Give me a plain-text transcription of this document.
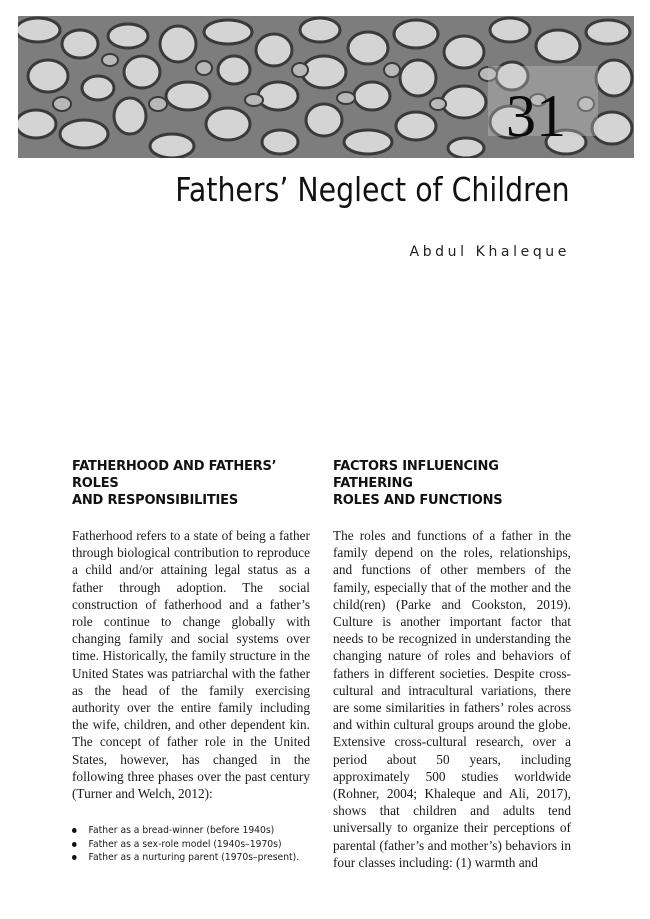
31
Fathers’ Neglect of Children
Abdul Khaleque
FATHERHOOD AND FATHERS’ ROLES
AND RESPONSIBILITIES

Fatherhood refers to a state of being a father through biological contribution to reproduce a child and/or attaining legal status as a father through adoption. The social construction of fatherhood and a father’s role continue to change globally with changing family and social systems over time. Historically, the family structure in the United States was patriarchal with the father as the head of the family exercising authority over the entire family including the wife, children, and other dependent kin. The concept of father role in the United States, however, has changed in the following three phases over the past century (Turner and Welch, 2012):

Father as a bread-winner (before 1940s)
Father as a sex-role model (1940s–1970s)
Father as a nurturing parent (1970s–present).
FACTORS INFLUENCING FATHERING
ROLES AND FUNCTIONS

The roles and functions of a father in the family depend on the roles, relationships, and functions of other members of the family, especially that of the mother and the child(ren) (Parke and Cookston, 2019). Culture is another important factor that needs to be recognized in understanding the changing nature of roles and behaviors of fathers in different societies. Despite cross-cultural and intracultural variations, there are some similarities in fathers’ roles across and within cultural groups around the globe. Extensive cross-cultural research, over a period about 50 years, including approximately 500 studies worldwide (Rohner, 2004; Khaleque and Ali, 2017), shows that children and adults tend universally to organize their perceptions of parental (father’s and mother’s) behaviors in four classes including: (1) warmth and
